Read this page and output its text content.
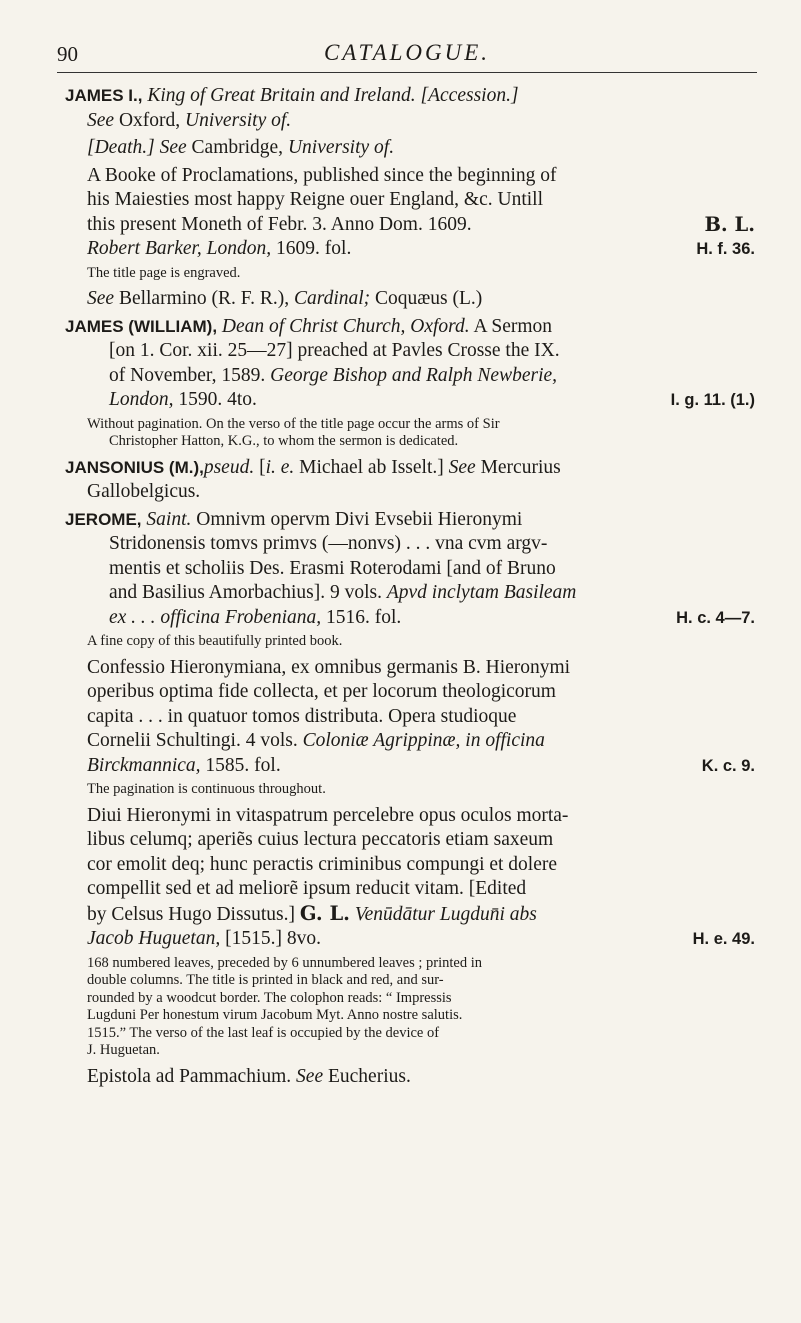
90	CATALOGUE.
JAMES I., King of Great Britain and Ireland. [Accession.]
See Oxford, University of.
[Death.] See Cambridge, University of.
A Booke of Proclamations, published since the beginning of
his Maiesties most happy Reigne ouer England, &c. Untill
this present Moneth of Febr. 3. Anno Dom. 1609.	B. L.
Robert Barker, London, 1609. fol.	H. f. 36.
The title page is engraved.
See Bellarmino (R. F. R.), Cardinal; Coquæus (L.)
JAMES (WILLIAM), Dean of Christ Church, Oxford. A Sermon
[on 1. Cor. xii. 25—27] preached at Pavles Crosse the IX.
of November, 1589. George Bishop and Ralph Newberie,
London, 1590. 4to.	I. g. 11. (1.)
Without pagination. On the verso of the title page occur the arms of Sir
Christopher Hatton, K.G., to whom the sermon is dedicated.
JANSONIUS (M.),pseud. [i. e. Michael ab Isselt.] See Mercurius
Gallobelgicus.
JEROME, Saint. Omnivm opervm Divi Evsebii Hieronymi
Stridonensis tomvs primvs (—nonvs) . . . vna cvm argv-
mentis et scholiis Des. Erasmi Roterodami [and of Bruno
and Basilius Amorbachius]. 9 vols. Apvd inclytam Basileam
ex . . . officina Frobeniana, 1516. fol.	H. c. 4—7.
A fine copy of this beautifully printed book.
Confessio Hieronymiana, ex omnibus germanis B. Hieronymi
operibus optima fide collecta, et per locorum theologicorum
capita . . . in quatuor tomos distributa. Opera studioque
Cornelii Schultingi. 4 vols. Coloniæ Agrippinæ, in officina
Birckmannica, 1585. fol.	K. c. 9.
The pagination is continuous throughout.
Diui Hieronymi in vitaspatrum percelebre opus oculos morta-
libus celumq; aperiẽs cuius lectura peccatoris etiam saxeum
cor emolit deq; hunc peractis criminibus compungi et dolere
compellit sed et ad meliorẽ ipsum reducit vitam. [Edited
by Celsus Hugo Dissutus.] G. L. Venūdātur Lugdun̄i abs
Jacob Huguetan, [1515.] 8vo.	H. e. 49.
168 numbered leaves, preceded by 6 unnumbered leaves ; printed in
double columns. The title is printed in black and red, and sur-
rounded by a woodcut border. The colophon reads: “ Impressis
Lugduni Per honestum virum Jacobum Myt. Anno nostre salutis.
1515.” The verso of the last leaf is occupied by the device of
J. Huguetan.
Epistola ad Pammachium. See Eucherius.
